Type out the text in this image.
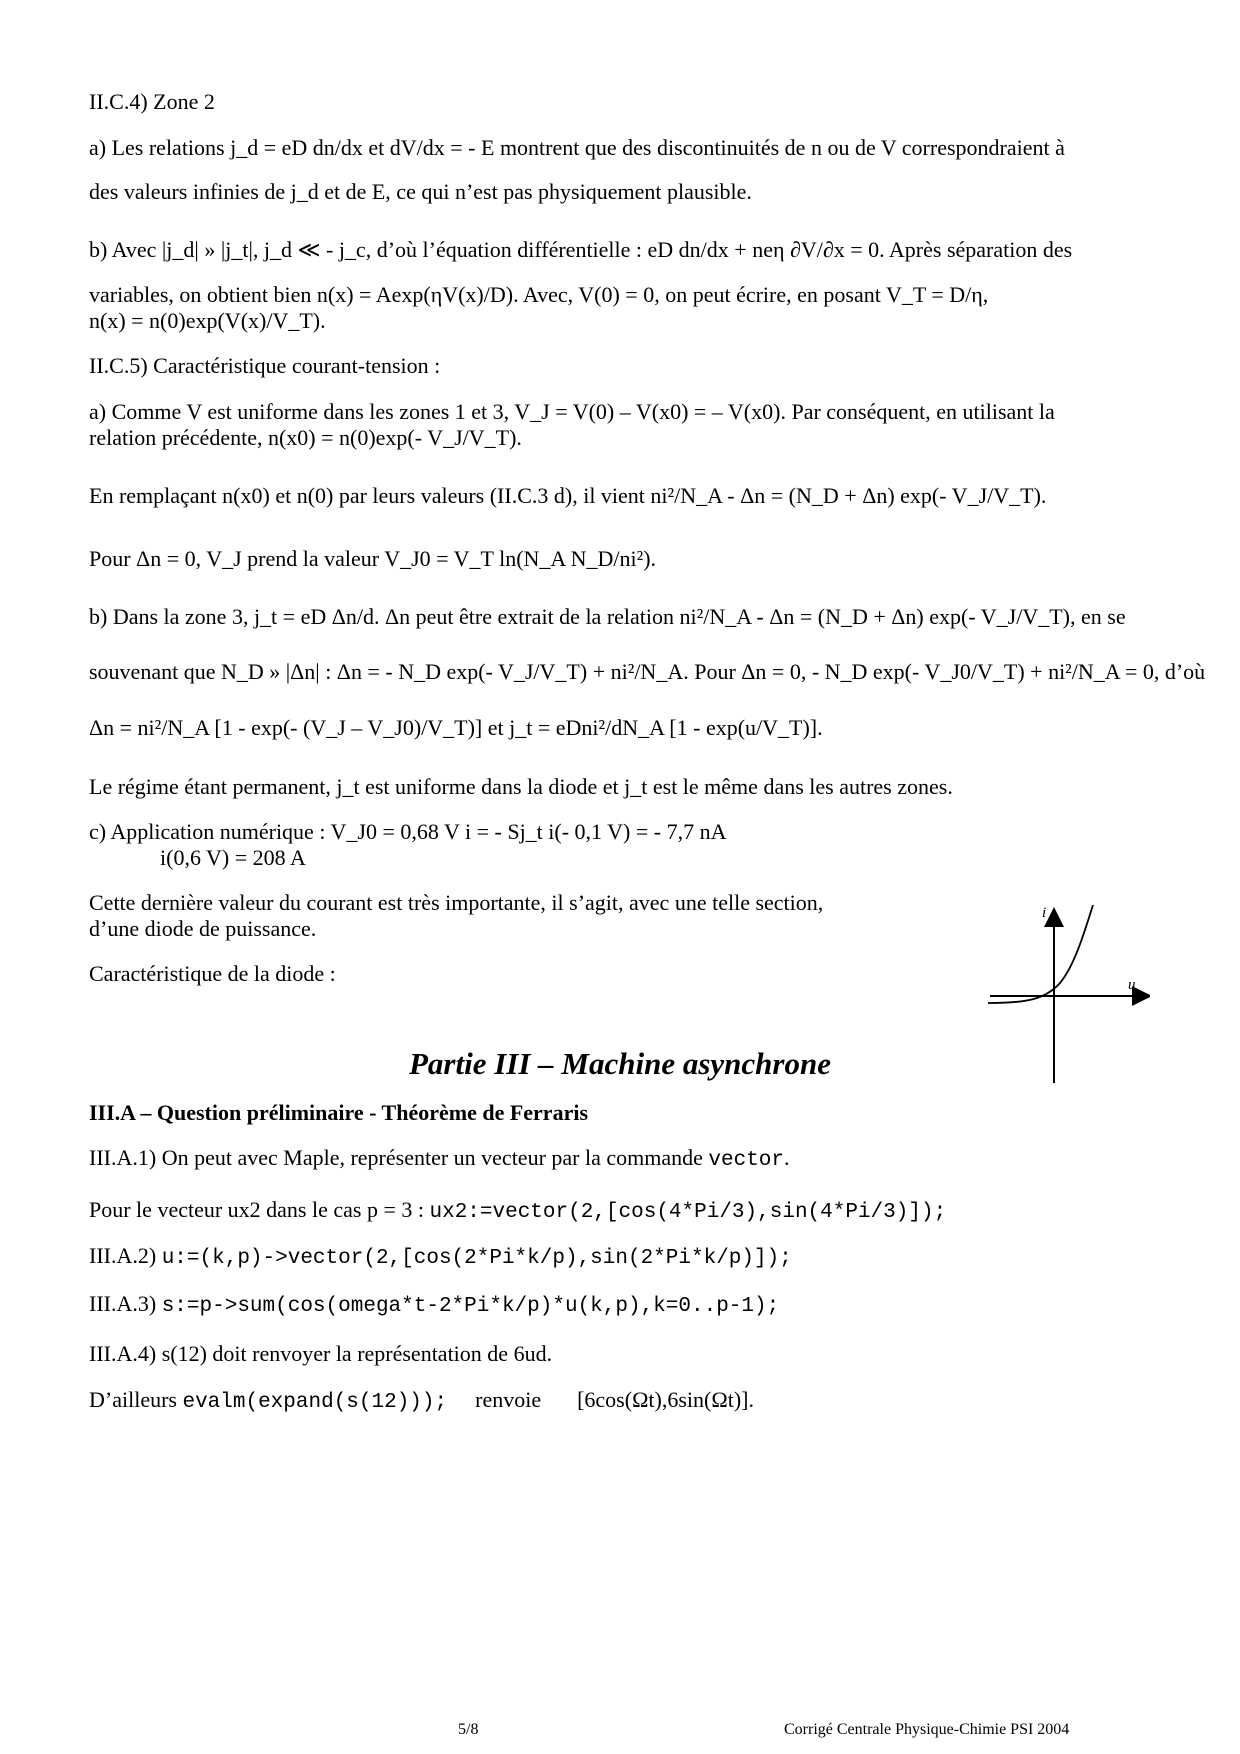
II.C.4) Zone 2
a) Les relations j_d = eD dn/dx et dV/dx = - E montrent que des discontinuités de n ou de V correspondraient à
des valeurs infinies de j_d et de E, ce qui n’est pas physiquement plausible.
b) Avec |j_d| » |j_t|, j_d ≪ - j_c, d’où l’équation différentielle : eD dn/dx + neη ∂V/∂x = 0. Après séparation des
variables, on obtient bien n(x) = Aexp(ηV(x)/D). Avec, V(0) = 0, on peut écrire, en posant V_T = D/η,
n(x) = n(0)exp(V(x)/V_T).
II.C.5) Caractéristique courant-tension :
a) Comme V est uniforme dans les zones 1 et 3, V_J = V(0) – V(x0) = – V(x0). Par conséquent, en utilisant la
relation précédente, n(x0) = n(0)exp(- V_J/V_T).
En remplaçant n(x0) et n(0) par leurs valeurs (II.C.3 d), il vient ni²/N_A - Δn = (N_D + Δn) exp(- V_J/V_T).
Pour Δn = 0, V_J prend la valeur V_J0 = V_T ln(N_A N_D/ni²).
b) Dans la zone 3, j_t = eD Δn/d. Δn peut être extrait de la relation ni²/N_A - Δn = (N_D + Δn) exp(- V_J/V_T), en se
souvenant que N_D » |Δn| : Δn = - N_D exp(- V_J/V_T) + ni²/N_A. Pour Δn = 0, - N_D exp(- V_J0/V_T) + ni²/N_A = 0, d’où
Δn = ni²/N_A [1 - exp(- (V_J – V_J0)/V_T)] et j_t = eDni²/dN_A [1 - exp(u/V_T)].
Le régime étant permanent, j_t est uniforme dans la diode et j_t est le même dans les autres zones.
c) Application numérique : V_J0 = 0,68 V i = - Sj_t i(- 0,1 V) = - 7,7 nA
i(0,6 V) = 208 A
Cette dernière valeur du courant est très importante, il s’agit, avec une telle section,
d’une diode de puissance.
Caractéristique de la diode :
i
u
Partie III – Machine asynchrone
III.A – Question préliminaire - Théorème de Ferraris
III.A.1) On peut avec Maple, représenter un vecteur par la commande vector.
Pour le vecteur ux2 dans le cas p = 3 : ux2:=vector(2,[cos(4*Pi/3),sin(4*Pi/3)]);
III.A.2) u:=(k,p)->vector(2,[cos(2*Pi*k/p),sin(2*Pi*k/p)]);
III.A.3) s:=p->sum(cos(omega*t-2*Pi*k/p)*u(k,p),k=0..p-1);
III.A.4) s(12) doit renvoyer la représentation de 6ud.
D’ailleurs evalm(expand(s(12))); renvoie [6cos(Ωt),6sin(Ωt)].
5/8	Corrigé Centrale Physique-Chimie PSI 2004
